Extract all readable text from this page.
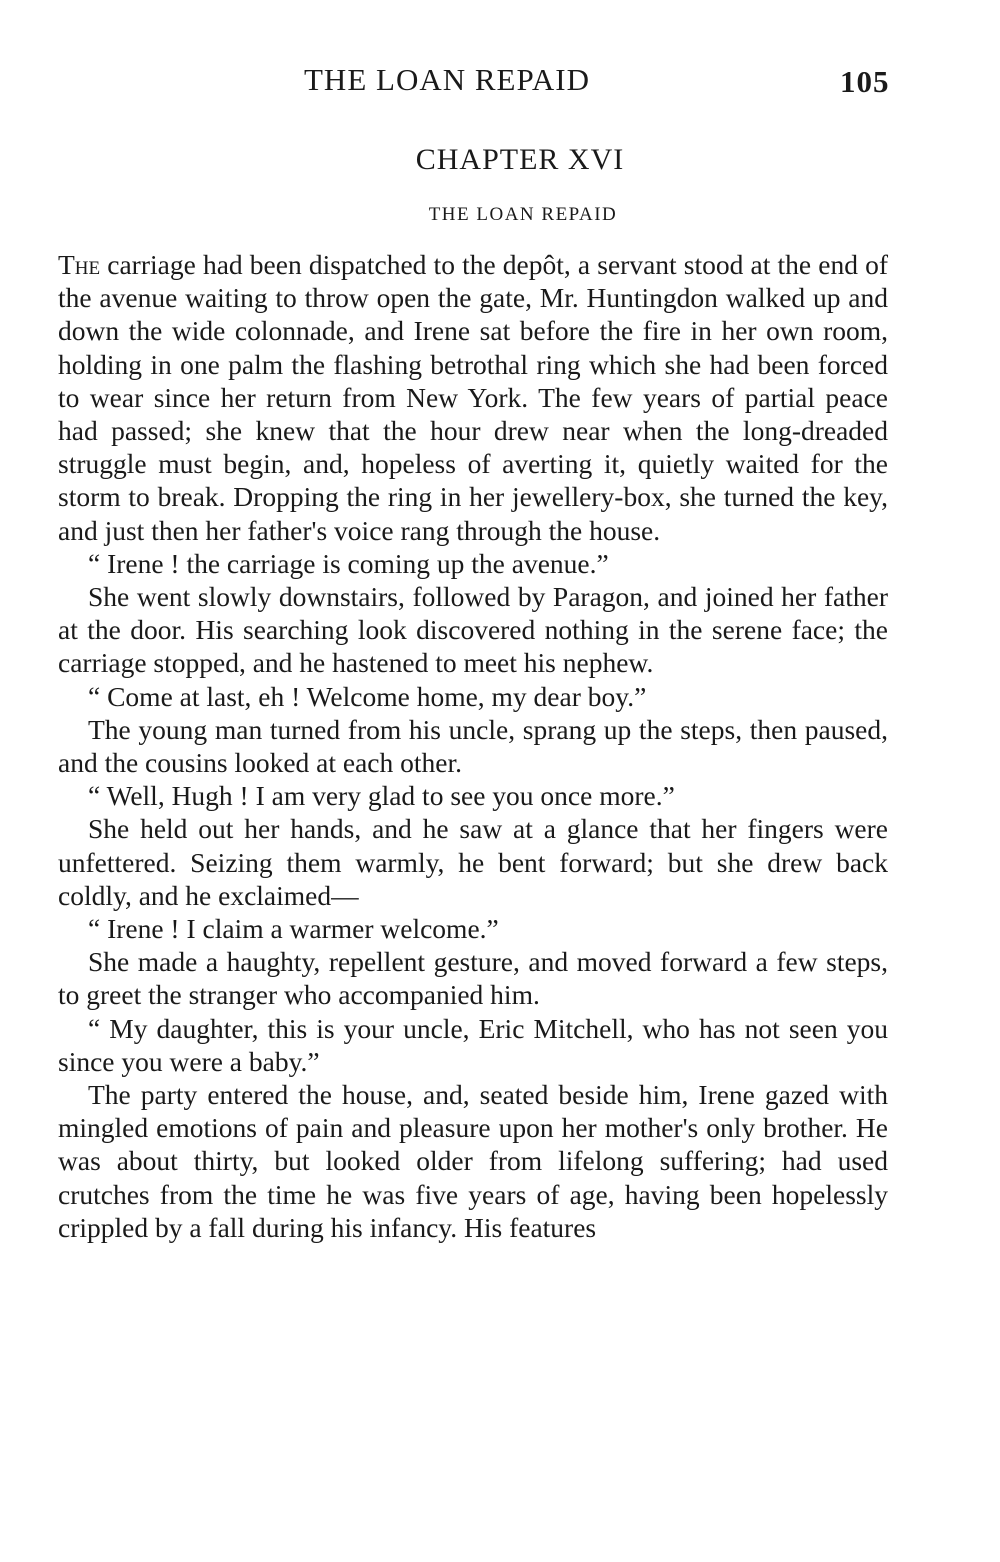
THE LOAN REPAID	105
CHAPTER XVI
THE LOAN REPAID

The carriage had been dispatched to the depôt, a servant stood at the end of the avenue waiting to throw open the gate, Mr. Huntingdon walked up and down the wide colonnade, and Irene sat before the fire in her own room, holding in one palm the flashing betrothal ring which she had been forced to wear since her return from New York. The few years of partial peace had passed; she knew that the hour drew near when the long-dreaded struggle must begin, and, hopeless of averting it, quietly waited for the storm to break. Dropping the ring in her jewellery-box, she turned the key, and just then her father's voice rang through the house.

“ Irene ! the carriage is coming up the avenue.”

She went slowly downstairs, followed by Paragon, and joined her father at the door. His searching look discovered nothing in the serene face; the carriage stopped, and he hastened to meet his nephew.

“ Come at last, eh ! Welcome home, my dear boy.”

The young man turned from his uncle, sprang up the steps, then paused, and the cousins looked at each other.

“ Well, Hugh ! I am very glad to see you once more.”

She held out her hands, and he saw at a glance that her fingers were unfettered. Seizing them warmly, he bent forward; but she drew back coldly, and he exclaimed—

“ Irene ! I claim a warmer welcome.”

She made a haughty, repellent gesture, and moved forward a few steps, to greet the stranger who accompanied him.

“ My daughter, this is your uncle, Eric Mitchell, who has not seen you since you were a baby.”

The party entered the house, and, seated beside him, Irene gazed with mingled emotions of pain and pleasure upon her mother's only brother. He was about thirty, but looked older from lifelong suffering; had used crutches from the time he was five years of age, having been hopelessly crippled by a fall during his infancy. His features
